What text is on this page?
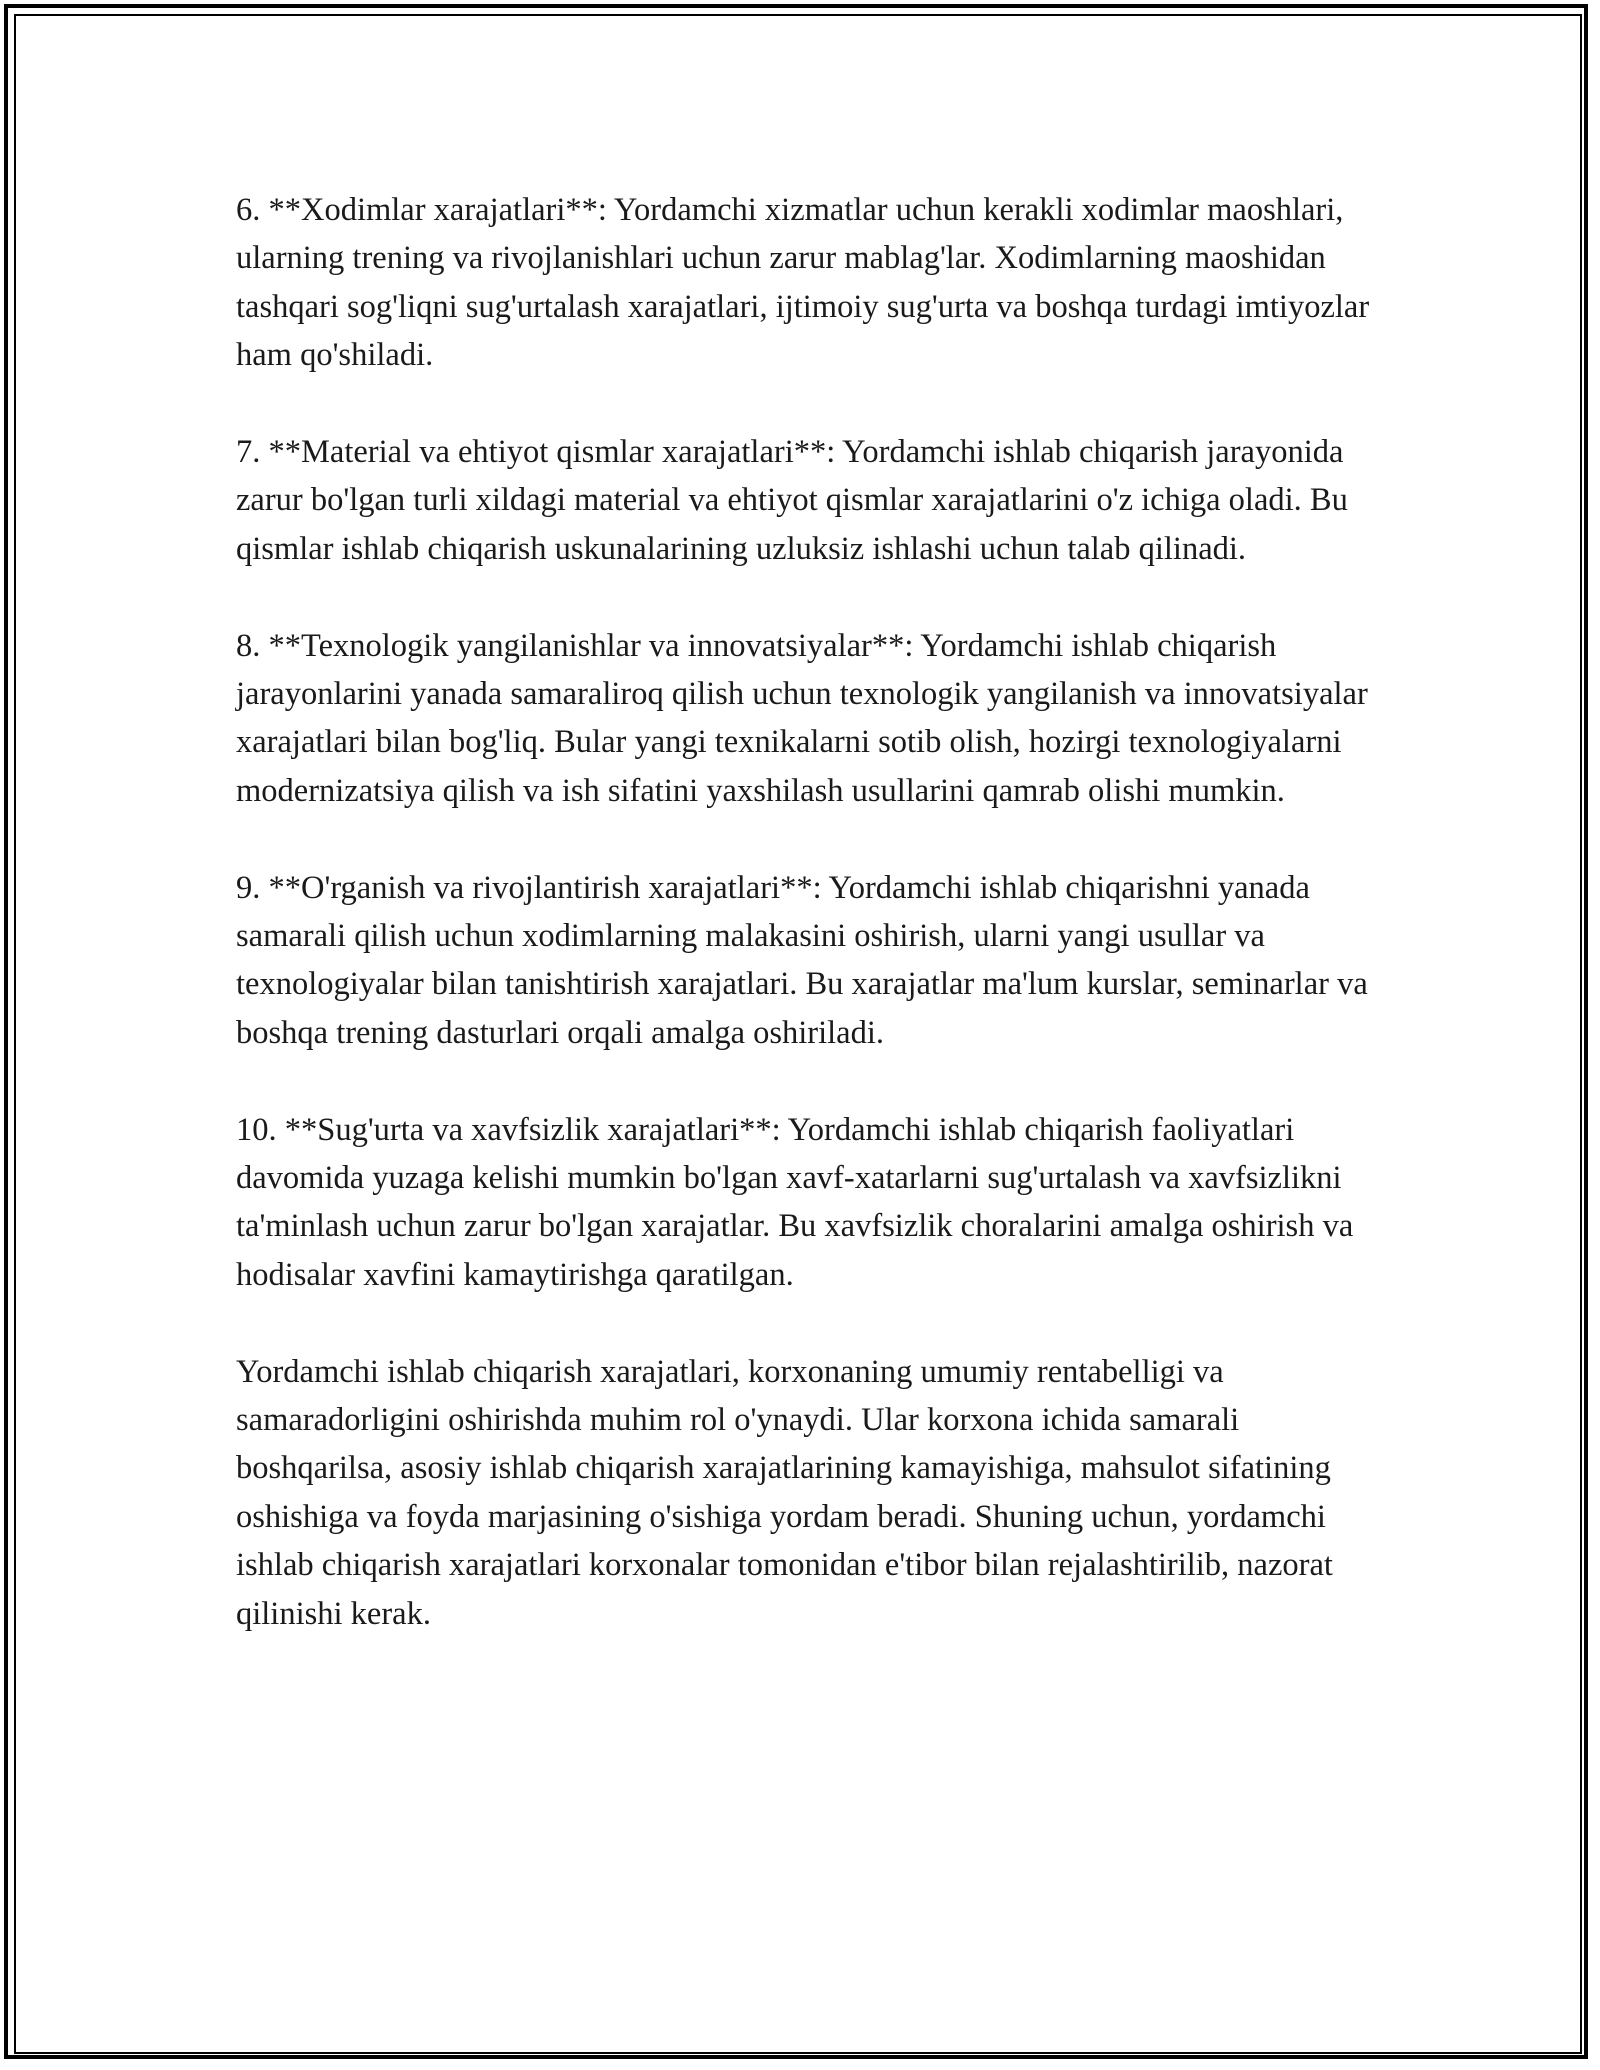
6. **Xodimlar xarajatlari**: Yordamchi xizmatlar uchun kerakli xodimlar maoshlari, ularning trening va rivojlanishlari uchun zarur mablag'lar. Xodimlarning maoshidan tashqari sog'liqni sug'urtalash xarajatlari, ijtimoiy sug'urta va boshqa turdagi imtiyozlar ham qo'shiladi.

7. **Material va ehtiyot qismlar xarajatlari**: Yordamchi ishlab chiqarish jarayonida zarur bo'lgan turli xildagi material va ehtiyot qismlar xarajatlarini o'z ichiga oladi. Bu qismlar ishlab chiqarish uskunalarining uzluksiz ishlashi uchun talab qilinadi.

8. **Texnologik yangilanishlar va innovatsiyalar**: Yordamchi ishlab chiqarish jarayonlarini yanada samaraliroq qilish uchun texnologik yangilanish va innovatsiyalar xarajatlari bilan bog'liq. Bular yangi texnikalarni sotib olish, hozirgi texnologiyalarni modernizatsiya qilish va ish sifatini yaxshilash usullarini qamrab olishi mumkin.

9. **O'rganish va rivojlantirish xarajatlari**: Yordamchi ishlab chiqarishni yanada samarali qilish uchun xodimlarning malakasini oshirish, ularni yangi usullar va texnologiyalar bilan tanishtirish xarajatlari. Bu xarajatlar ma'lum kurslar, seminarlar va boshqa trening dasturlari orqali amalga oshiriladi.

10. **Sug'urta va xavfsizlik xarajatlari**: Yordamchi ishlab chiqarish faoliyatlari davomida yuzaga kelishi mumkin bo'lgan xavf-xatarlarni sug'urtalash va xavfsizlikni ta'minlash uchun zarur bo'lgan xarajatlar. Bu xavfsizlik choralarini amalga oshirish va hodisalar xavfini kamaytirishga qaratilgan.

Yordamchi ishlab chiqarish xarajatlari, korxonaning umumiy rentabelligi va samaradorligini oshirishda muhim rol o'ynaydi. Ular korxona ichida samarali boshqarilsa, asosiy ishlab chiqarish xarajatlarining kamayishiga, mahsulot sifatining oshishiga va foyda marjasining o'sishiga yordam beradi. Shuning uchun, yordamchi ishlab chiqarish xarajatlari korxonalar tomonidan e'tibor bilan rejalashtirilib, nazorat qilinishi kerak.
